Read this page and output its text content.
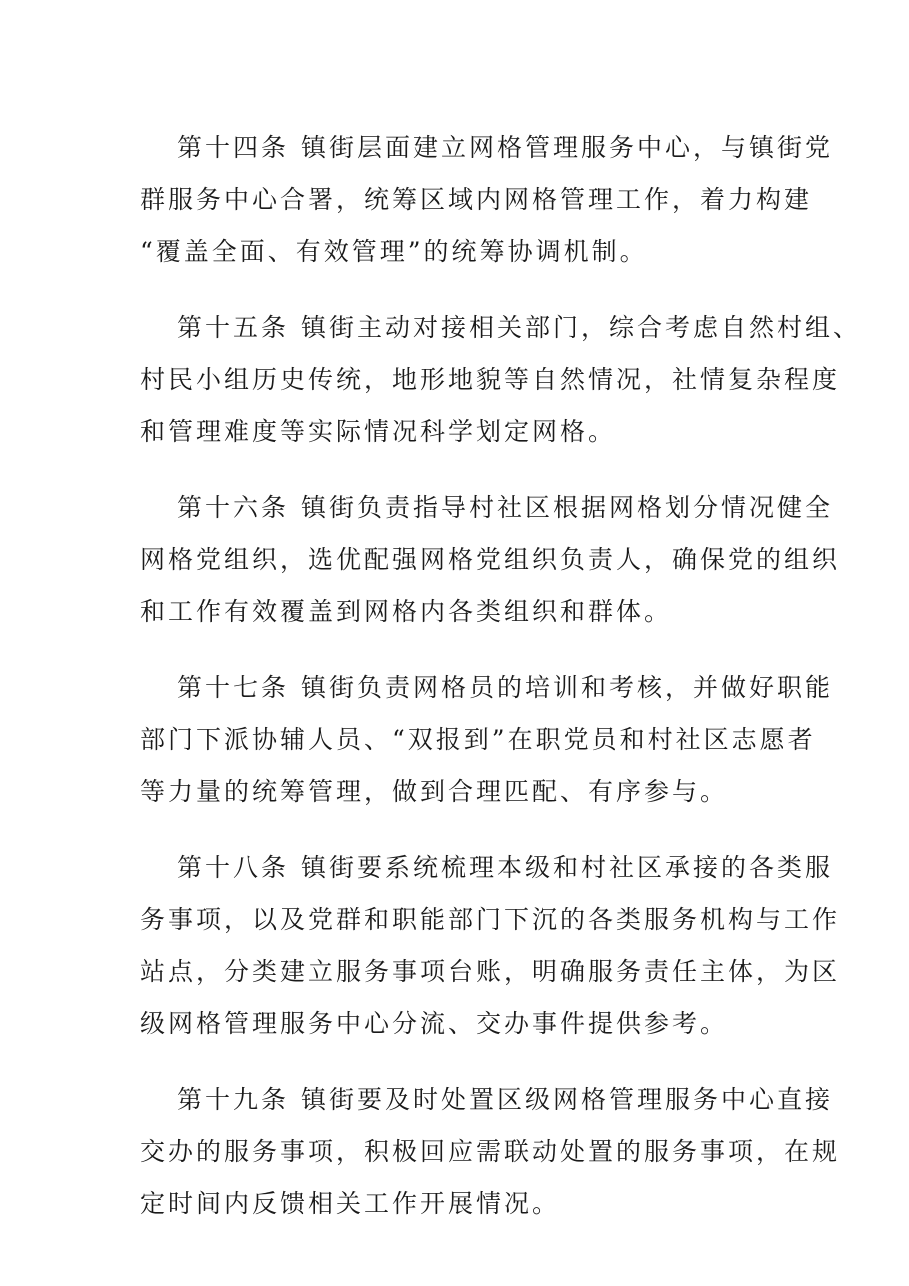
第十四条 镇街层面建立网格管理服务中心，与镇街党
群服务中心合署，统筹区域内网格管理工作，着力构建
“覆盖全面、有效管理”的统筹协调机制。
第十五条 镇街主动对接相关部门，综合考虑自然村组、
村民小组历史传统，地形地貌等自然情况，社情复杂程度
和管理难度等实际情况科学划定网格。
第十六条 镇街负责指导村社区根据网格划分情况健全
网格党组织，选优配强网格党组织负责人，确保党的组织
和工作有效覆盖到网格内各类组织和群体。
第十七条 镇街负责网格员的培训和考核，并做好职能
部门下派协辅人员、“双报到”在职党员和村社区志愿者
等力量的统筹管理，做到合理匹配、有序参与。
第十八条 镇街要系统梳理本级和村社区承接的各类服
务事项，以及党群和职能部门下沉的各类服务机构与工作
站点，分类建立服务事项台账，明确服务责任主体，为区
级网格管理服务中心分流、交办事件提供参考。
第十九条 镇街要及时处置区级网格管理服务中心直接
交办的服务事项，积极回应需联动处置的服务事项，在规
定时间内反馈相关工作开展情况。
